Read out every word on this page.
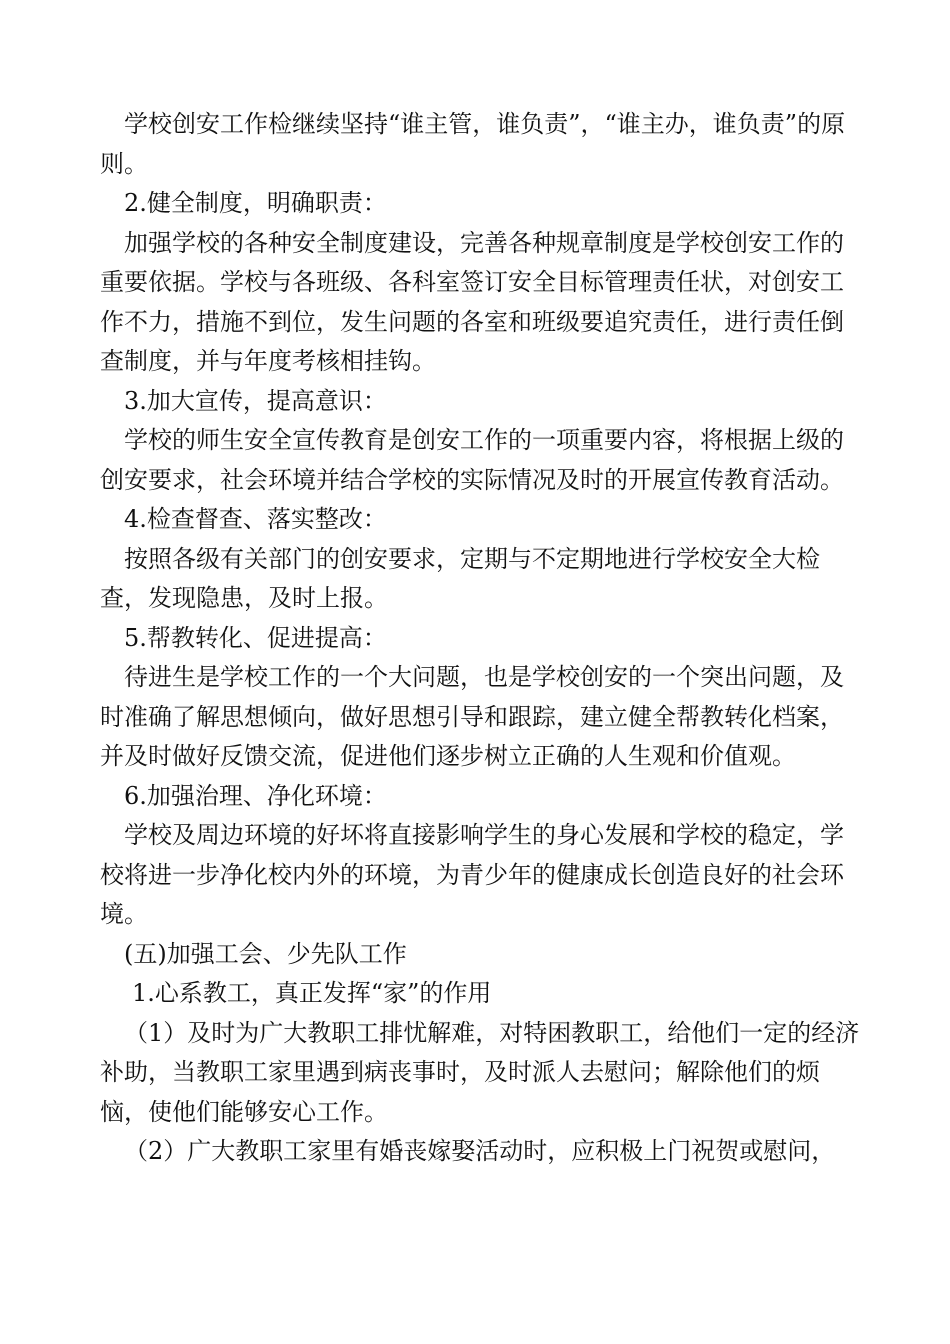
学校创安工作检继续坚持“谁主管，谁负责”，“谁主办，谁负责”的原则。

2.健全制度，明确职责：

加强学校的各种安全制度建设，完善各种规章制度是学校创安工作的重要依据。学校与各班级、各科室签订安全目标管理责任状，对创安工作不力，措施不到位，发生问题的各室和班级要追究责任，进行责任倒查制度，并与年度考核相挂钩。

3.加大宣传，提高意识：

学校的师生安全宣传教育是创安工作的一项重要内容，将根据上级的创安要求，社会环境并结合学校的实际情况及时的开展宣传教育活动。

4.检查督查、落实整改：

按照各级有关部门的创安要求，定期与不定期地进行学校安全大检查，发现隐患，及时上报。

5.帮教转化、促进提高：

待进生是学校工作的一个大问题，也是学校创安的一个突出问题，及时准确了解思想倾向，做好思想引导和跟踪，建立健全帮教转化档案，并及时做好反馈交流，促进他们逐步树立正确的人生观和价值观。

6.加强治理、净化环境：

学校及周边环境的好坏将直接影响学生的身心发展和学校的稳定，学校将进一步净化校内外的环境，为青少年的健康成长创造良好的社会环境。

(五)加强工会、少先队工作

1.心系教工，真正发挥“家”的作用

（1）及时为广大教职工排忧解难，对特困教职工，给他们一定的经济补助，当教职工家里遇到病丧事时，及时派人去慰问；解除他们的烦恼，使他们能够安心工作。

（2）广大教职工家里有婚丧嫁娶活动时，应积极上门祝贺或慰问，
